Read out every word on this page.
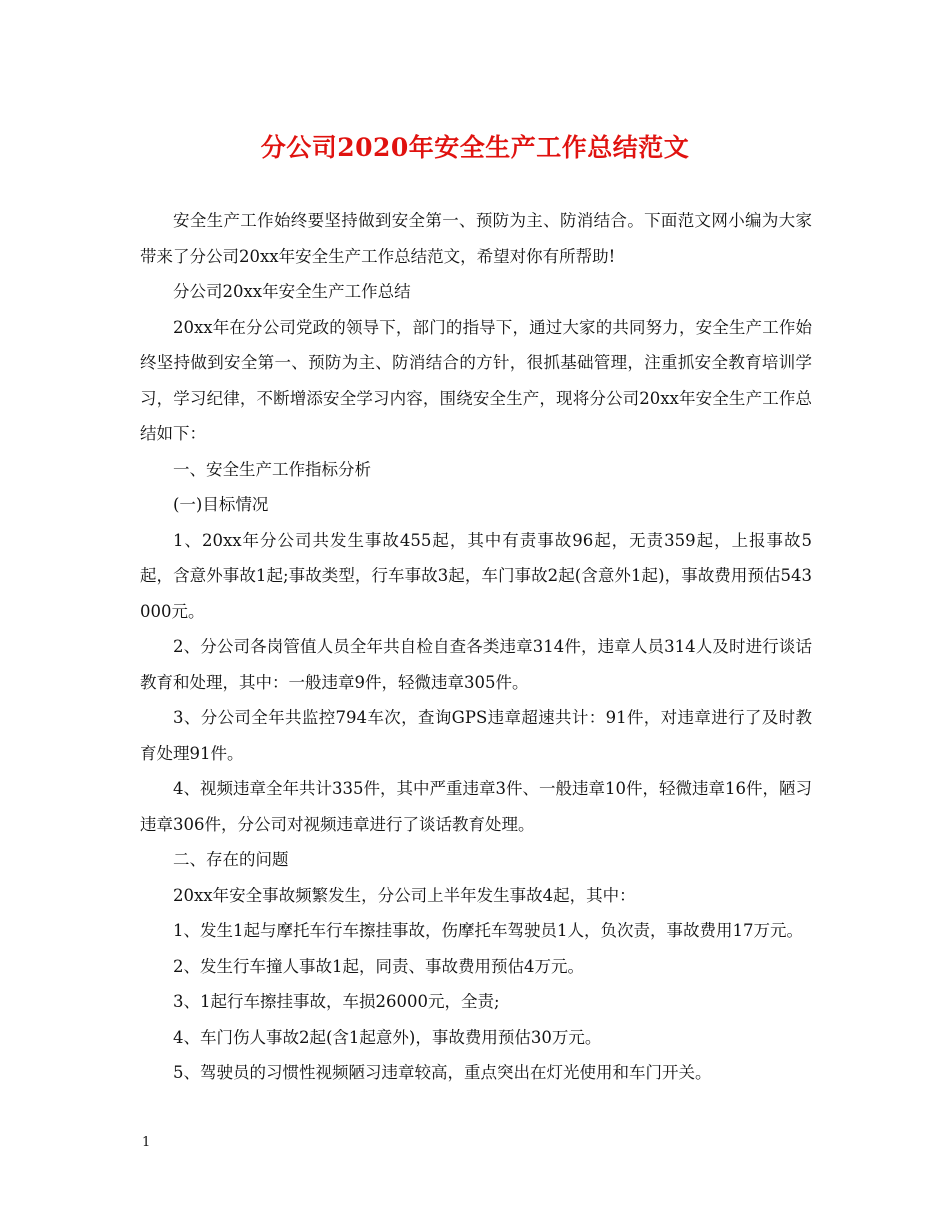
分公司2020年安全生产工作总结范文

安全生产工作始终要坚持做到安全第一、预防为主、防消结合。下面范文网小编为大家带来了分公司20xx年安全生产工作总结范文，希望对你有所帮助!

分公司20xx年安全生产工作总结

20xx年在分公司党政的领导下，部门的指导下，通过大家的共同努力，安全生产工作始终坚持做到安全第一、预防为主、防消结合的方针，很抓基础管理，注重抓安全教育培训学习，学习纪律，不断增添安全学习内容，围绕安全生产，现将分公司20xx年安全生产工作总结如下：

一、安全生产工作指标分析

(一)目标情况

1、20xx年分公司共发生事故455起，其中有责事故96起，无责359起，上报事故5起，含意外事故1起;事故类型，行车事故3起，车门事故2起(含意外1起)，事故费用预估543000元。

2、分公司各岗管值人员全年共自检自查各类违章314件，违章人员314人及时进行谈话教育和处理，其中：一般违章9件，轻微违章305件。

3、分公司全年共监控794车次，查询GPS违章超速共计：91件，对违章进行了及时教育处理91件。

4、视频违章全年共计335件，其中严重违章3件、一般违章10件，轻微违章16件，陋习违章306件，分公司对视频违章进行了谈话教育处理。

二、存在的问题

20xx年安全事故频繁发生，分公司上半年发生事故4起，其中：

1、发生1起与摩托车行车擦挂事故，伤摩托车驾驶员1人，负次责，事故费用17万元。

2、发生行车撞人事故1起，同责、事故费用预估4万元。

3、1起行车擦挂事故，车损26000元，全责;

4、车门伤人事故2起(含1起意外)，事故费用预估30万元。

5、驾驶员的习惯性视频陋习违章较高，重点突出在灯光使用和车门开关。

1
